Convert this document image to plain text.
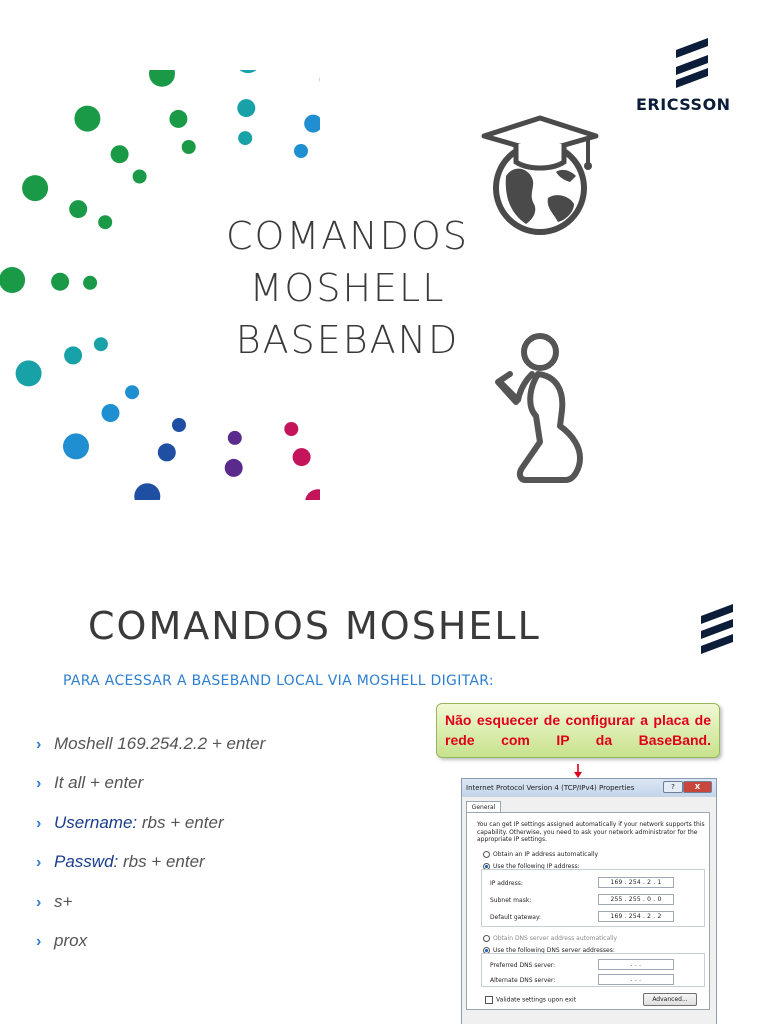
COMANDOS
MOSHELL
BASEBAND
ERICSSON
COMANDOS MOSHELL
PARA ACESSAR A BASEBAND LOCAL VIA MOSHELL DIGITAR:
› Moshell 169.254.2.2 + enter
› It all + enter
› Username: rbs + enter
› Passwd: rbs + enter
› s+
› prox
Não esquecer de configurar a placa de rede com IP da BaseBand.
Internet Protocol Version 4 (TCP/IPv4) Properties	?	X
General
You can get IP settings assigned automatically if your network supports this capability. Otherwise, you need to ask your network administrator for the appropriate IP settings.
Obtain an IP address automatically
Use the following IP address:
IP address:	169 . 254 . 2 . 1
Subnet mask:	255 . 255 . 0 . 0
Default gateway:	169 . 254 . 2 . 2
Obtain DNS server address automatically
Use the following DNS server addresses:
Preferred DNS server:	. . .
Alternate DNS server:	. . .
Validate settings upon exit	Advanced...
